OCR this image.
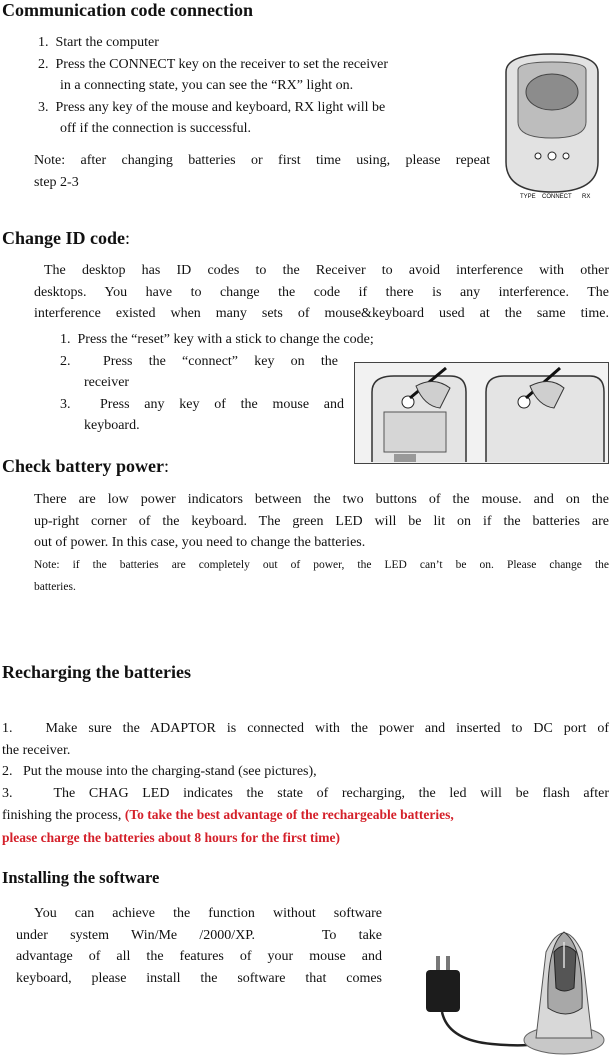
Communication code connection

1.  Start the computer

2.  Press the CONNECT key on the receiver to set the receiver

in a connecting state, you can see the “RX” light on.

3.  Press any key of the mouse and keyboard, RX light will be

off if the connection is successful.

Note: after changing batteries or first time using, please repeat

step 2-3

TYPE CONNECT RX
Change ID code:

The desktop has ID codes to the Receiver to avoid interference with other

desktops. You have to change the code if there is any interference. The

interference existed when many sets of mouse&keyboard used at the same time.

1.  Press the “reset” key with a stick to change the code;

2.  Press the “connect” key on the

receiver

3.  Press any key of the mouse and

keyboard.

Check battery power:

There are low power indicators between the two buttons of the mouse. and on the

up-right corner of the keyboard. The green LED will be lit on if the batteries are

out of power. In this case, you need to change the batteries.

Note: if the batteries are completely out of power, the LED can’t be on. Please change the

batteries.

Recharging the batteries

1.   Make sure the ADAPTOR is connected with the power and inserted to DC port of

the receiver.

2.   Put the mouse into the charging-stand (see pictures),

3.   The CHAG LED indicates the state of recharging, the led will be flash after

finishing the process, (To take the best advantage of the rechargeable batteries,

please charge the batteries about 8 hours for the first time)

Installing the software

You can achieve the function without software

under system Win/Me /2000/XP.   To take

advantage of all the features of your mouse and

keyboard, please install the software that comes
